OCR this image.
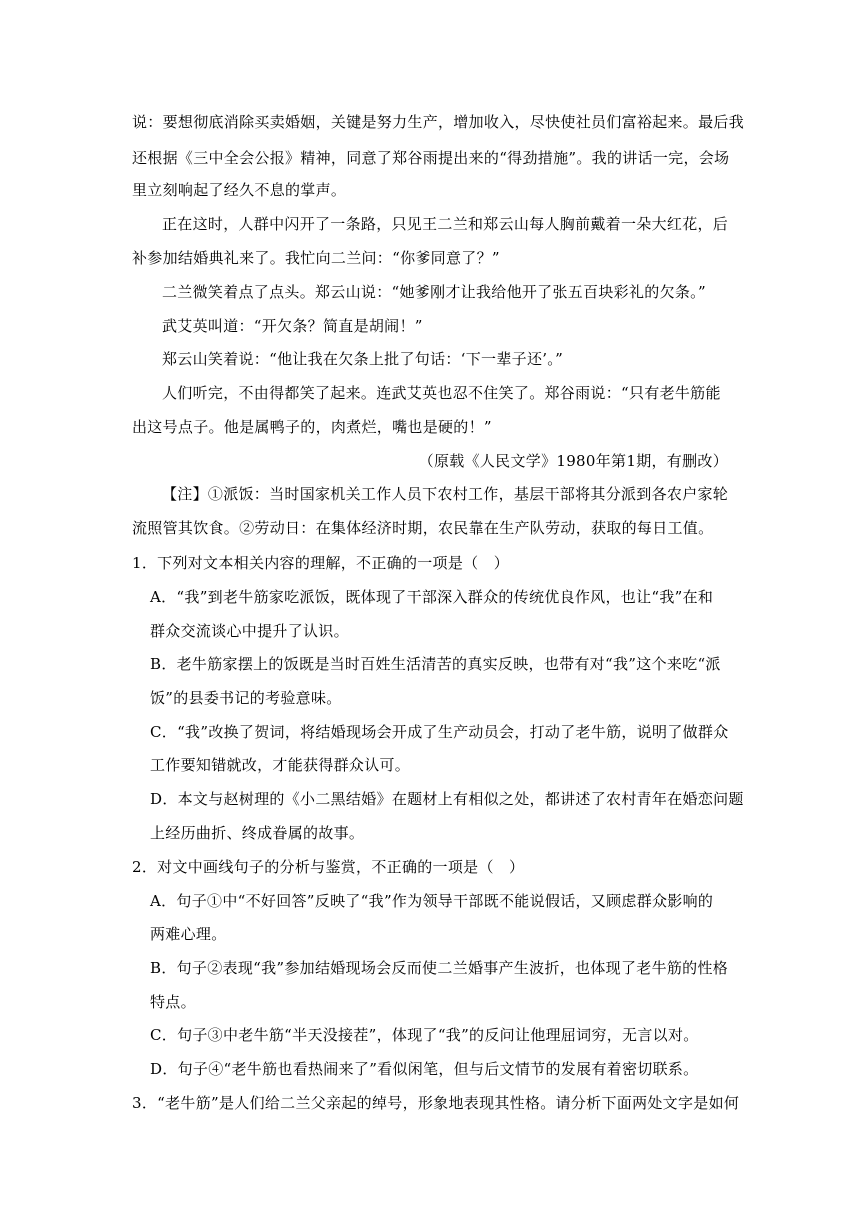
说：要想彻底消除买卖婚姻，关键是努力生产，增加收入，尽快使社员们富裕起来。最后我
还根据《三中全会公报》精神，同意了郑谷雨提出来的“得劲措施”。我的讲话一完，会场
里立刻响起了经久不息的掌声。
正在这时，人群中闪开了一条路，只见王二兰和郑云山每人胸前戴着一朵大红花，后
补参加结婚典礼来了。我忙向二兰问：“你爹同意了？”
二兰微笑着点了点头。郑云山说：“她爹刚才让我给他开了张五百块彩礼的欠条。”
武艾英叫道：“开欠条？简直是胡闹！”
郑云山笑着说：“他让我在欠条上批了句话：‘下一辈子还’。”
人们听完，不由得都笑了起来。连武艾英也忍不住笑了。郑谷雨说：“只有老牛筋能
出这号点子。他是属鸭子的，肉煮烂，嘴也是硬的！”
（原载《人民文学》1980年第1期，有删改）
【注】①派饭：当时国家机关工作人员下农村工作，基层干部将其分派到各农户家轮
流照管其饮食。②劳动日：在集体经济时期，农民靠在生产队劳动，获取的每日工值。
1．下列对文本相关内容的理解，不正确的一项是（　）
A．“我”到老牛筋家吃派饭，既体现了干部深入群众的传统优良作风，也让“我”在和
群众交流谈心中提升了认识。
B．老牛筋家摆上的饭既是当时百姓生活清苦的真实反映，也带有对“我”这个来吃“派
饭”的县委书记的考验意味。
C．“我”改换了贺词，将结婚现场会开成了生产动员会，打动了老牛筋，说明了做群众
工作要知错就改，才能获得群众认可。
D．本文与赵树理的《小二黑结婚》在题材上有相似之处，都讲述了农村青年在婚恋问题
上经历曲折、终成眷属的故事。
2．对文中画线句子的分析与鉴赏，不正确的一项是（　）
A．句子①中“不好回答”反映了“我”作为领导干部既不能说假话，又顾虑群众影响的
两难心理。
B．句子②表现“我”参加结婚现场会反而使二兰婚事产生波折，也体现了老牛筋的性格
特点。
C．句子③中老牛筋“半天没接茬”，体现了“我”的反问让他理屈词穷，无言以对。
D．句子④“老牛筋也看热闹来了”看似闲笔，但与后文情节的发展有着密切联系。
3．“老牛筋”是人们给二兰父亲起的绰号，形象地表现其性格。请分析下面两处文字是如何
